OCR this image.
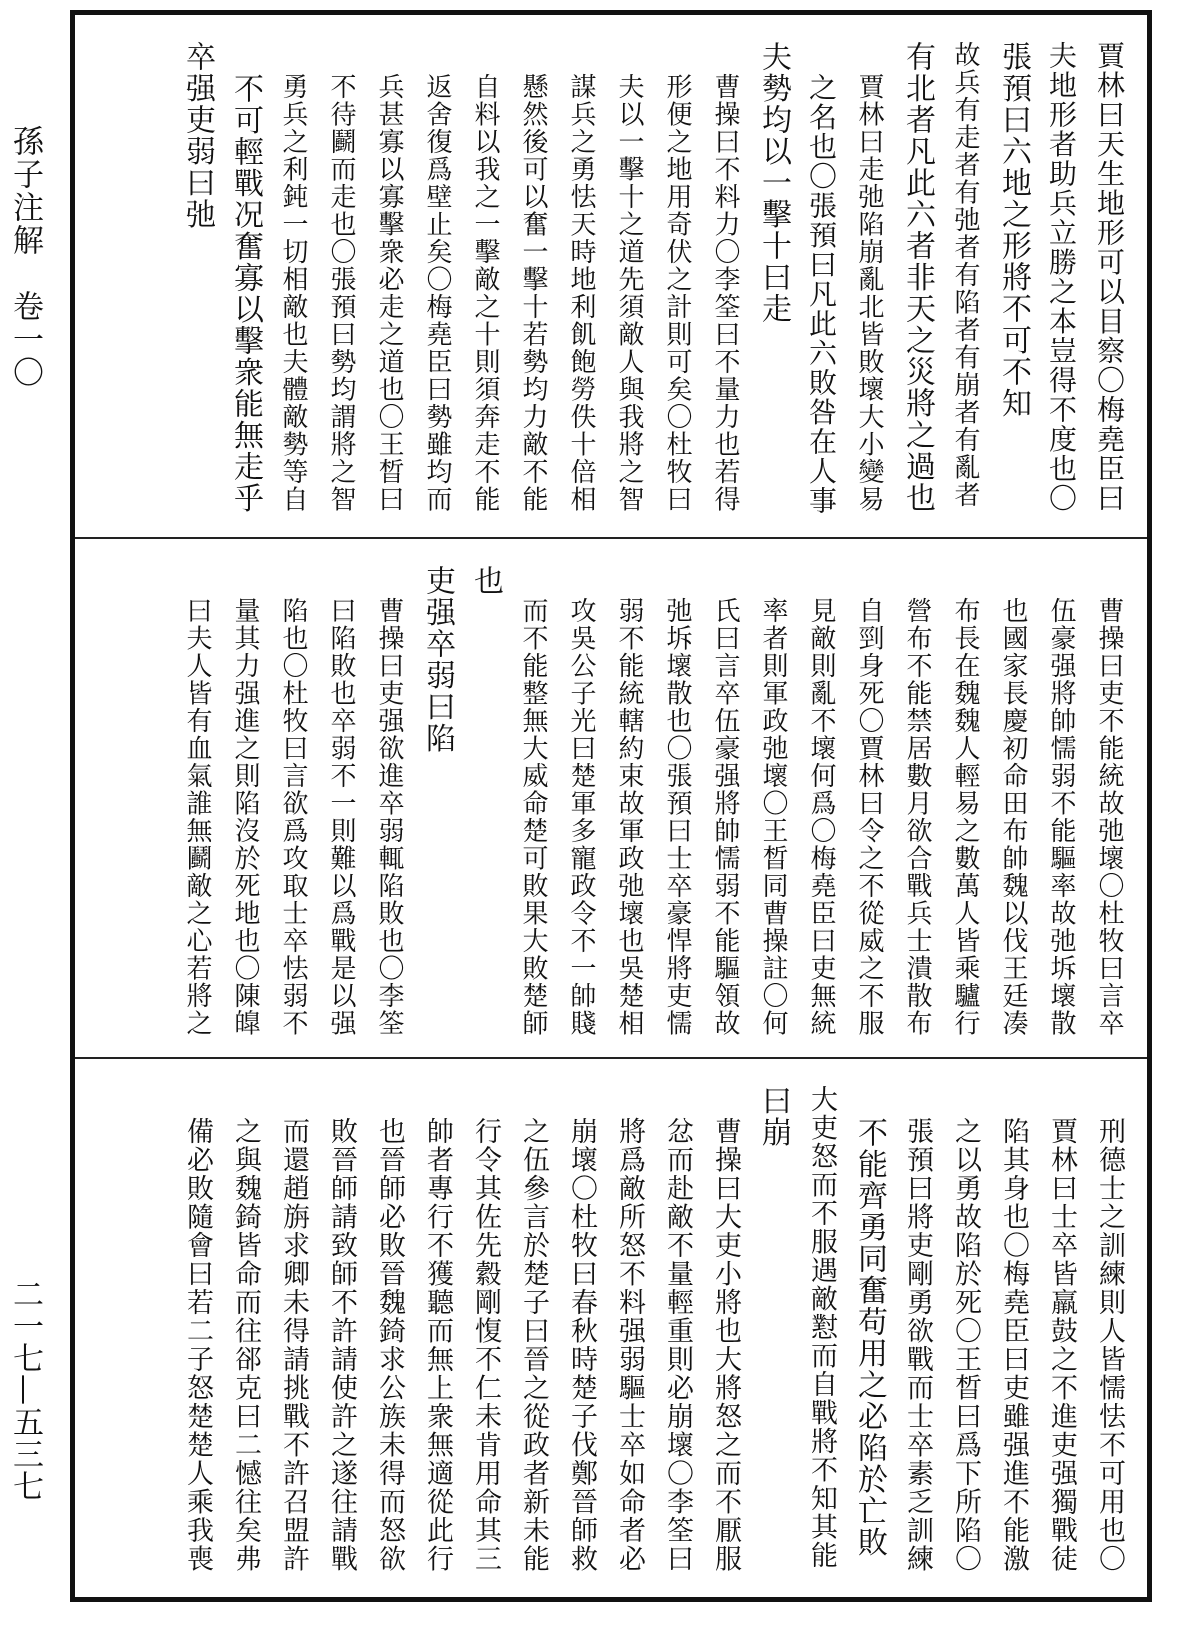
孫子注解　卷一〇
二一七—五三七
賈林曰天生地形可以目察〇梅堯臣曰
夫地形者助兵立勝之本豈得不度也〇
張預曰六地之形將不可不知
故兵有走者有弛者有陷者有崩者有亂者
有北者凡此六者非天之災將之過也
賈林曰走弛陷崩亂北皆敗壞大小變易
之名也〇張預曰凡此六敗咎在人事
夫勢均以一擊十曰走
曹操曰不料力〇李筌曰不量力也若得
形便之地用奇伏之計則可矣〇杜牧曰
夫以一擊十之道先須敵人與我將之智
謀兵之勇怯天時地利飢飽勞佚十倍相
懸然後可以奮一擊十若勢均力敵不能
自料以我之一擊敵之十則須奔走不能
返舍復爲壁止矣〇梅堯臣曰勢雖均而
兵甚寡以寡擊衆必走之道也〇王晳曰
不待鬬而走也〇張預曰勢均謂將之智
勇兵之利鈍一切相敵也夫體敵勢等自
不可輕戰况奮寡以擊衆能無走乎
卒强吏弱曰弛
曹操曰吏不能統故弛壞〇杜牧曰言卒
伍豪强將帥懦弱不能驅率故弛坼壞散
也國家長慶初命田布帥魏以伐王廷凑
布長在魏魏人輕易之數萬人皆乘驢行
營布不能禁居數月欲合戰兵士潰散布
自剄身死〇賈林曰令之不從威之不服
見敵則亂不壞何爲〇梅堯臣曰吏無統
率者則軍政弛壞〇王晳同曹操註〇何
氏曰言卒伍豪强將帥懦弱不能驅領故
弛坼壞散也〇張預曰士卒豪悍將吏懦
弱不能統轄約束故軍政弛壞也吳楚相
攻吳公子光曰楚軍多寵政令不一帥賤
而不能整無大威命楚可敗果大敗楚師
也
吏强卒弱曰陷
曹操曰吏强欲進卒弱輒陷敗也〇李筌
曰陷敗也卒弱不一則難以爲戰是以强
陷也〇杜牧曰言欲爲攻取士卒怯弱不
量其力强進之則陷沒於死地也〇陳皥
曰夫人皆有血氣誰無鬬敵之心若將之
刑德士之訓練則人皆懦怯不可用也〇
賈林曰士卒皆羸鼓之不進吏强獨戰徒
陷其身也〇梅堯臣曰吏雖强進不能激
之以勇故陷於死〇王晳曰爲下所陷〇
張預曰將吏剛勇欲戰而士卒素乏訓練
不能齊勇同奮苟用之必陷於亡敗
大吏怒而不服遇敵懟而自戰將不知其能
曰崩
曹操曰大吏小將也大將怒之而不厭服
忿而赴敵不量輕重則必崩壞〇李筌曰
將爲敵所怒不料强弱驅士卒如命者必
崩壞〇杜牧曰春秋時楚子伐鄭晉師救
之伍參言於楚子曰晉之從政者新未能
行令其佐先縠剛愎不仁未肯用命其三
帥者專行不獲聽而無上衆無適從此行
也晉師必敗晉魏錡求公族未得而怒欲
敗晉師請致師不許請使許之遂往請戰
而還趙旃求卿未得請挑戰不許召盟許
之與魏錡皆命而往郤克曰二憾往矣弗
備必敗隨會曰若二子怒楚楚人乘我喪
